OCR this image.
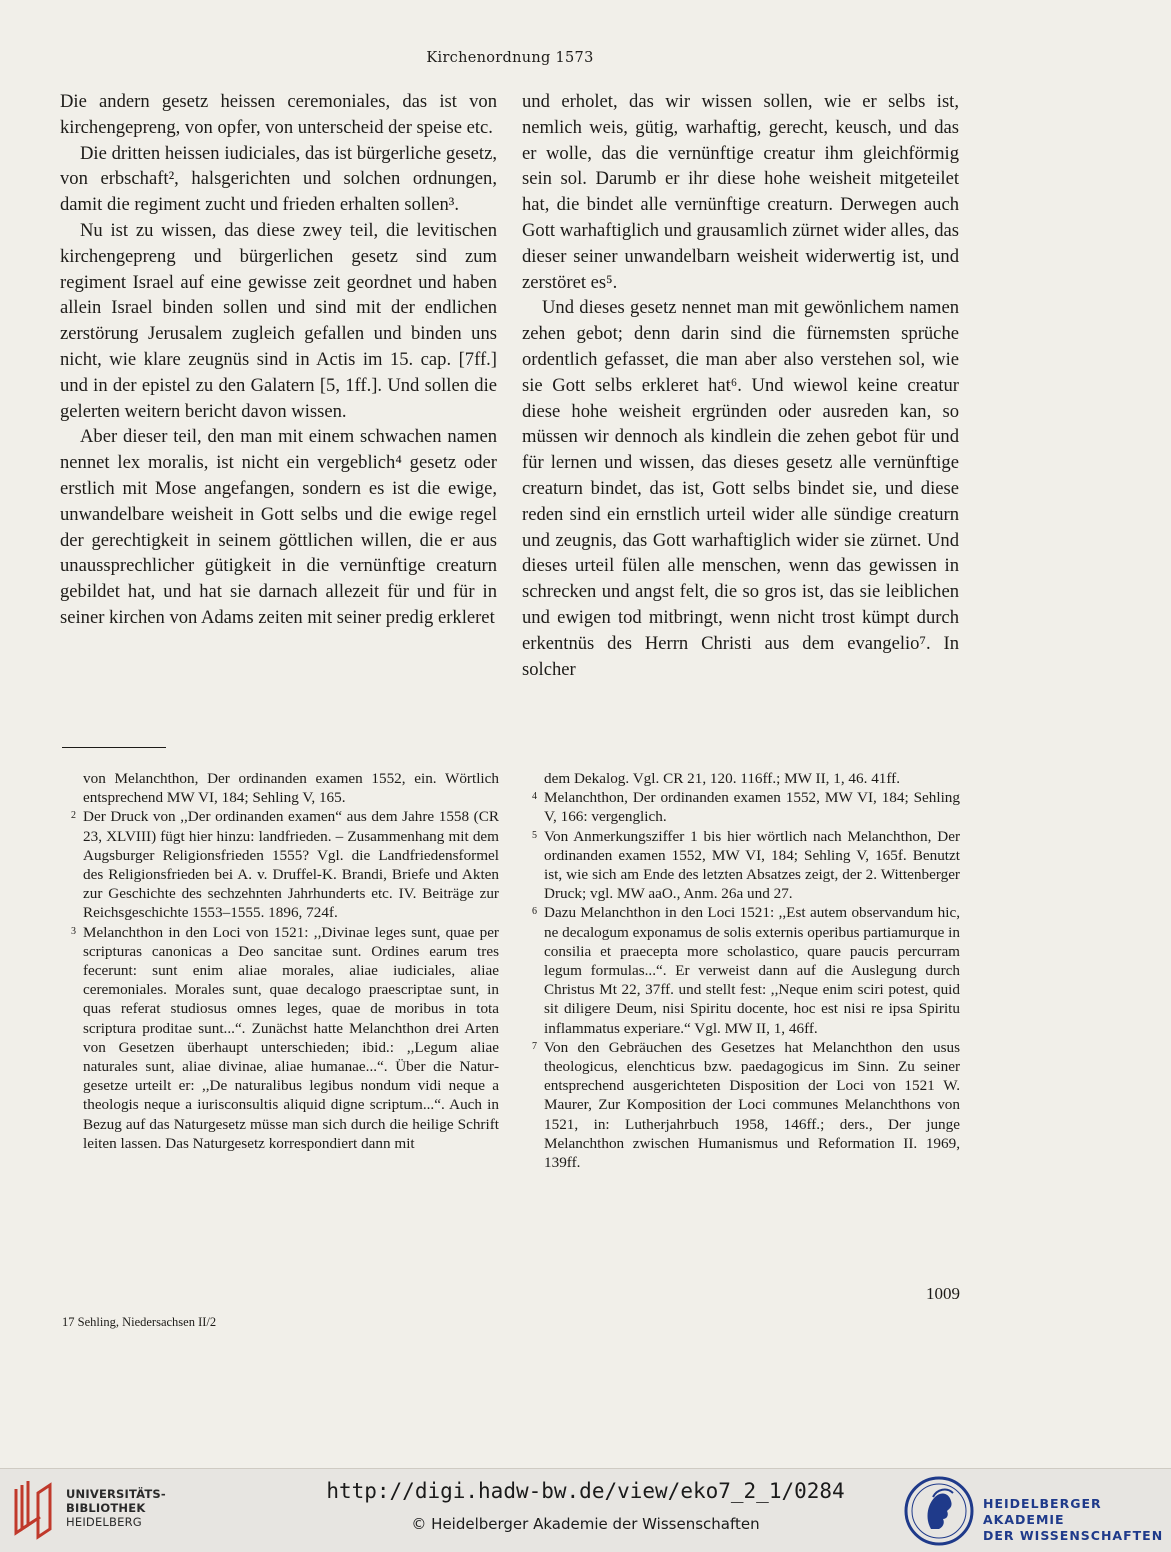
Kirchenordnung 1573

Die andern gesetz heissen ceremoniales, das ist von kirchengepreng, von opfer, von unterscheid der speise etc.

Die dritten heissen iudiciales, das ist bürgerliche gesetz, von erbschaft², halsgerichten und solchen ordnungen, damit die regiment zucht und frieden erhalten sollen³.

Nu ist zu wissen, das diese zwey teil, die levitischen kirchengepreng und bürgerlichen gesetz sind zum regiment Israel auf eine gewisse zeit geordnet und haben allein Israel binden sollen und sind mit der endlichen zerstörung Jerusalem zugleich gefallen und binden uns nicht, wie klare zeugnüs sind in Actis im 15. cap. [7ff.] und in der epistel zu den Galatern [5, 1ff.]. Und sollen die gelerten weitern bericht davon wissen.

Aber dieser teil, den man mit einem schwachen namen nennet lex moralis, ist nicht ein vergeblich⁴ gesetz oder erstlich mit Mose angefangen, sondern es ist die ewige, unwandelbare weisheit in Gott selbs und die ewige regel der gerechtigkeit in seinem göttlichen willen, die er aus unaussprechlicher gütigkeit in die vernünftige creaturn gebildet hat, und hat sie darnach allezeit für und für in seiner kirchen von Adams zeiten mit seiner predig erkleret

und erholet, das wir wissen sollen, wie er selbs ist, nemlich weis, gütig, warhaftig, gerecht, keusch, und das er wolle, das die vernünftige creatur ihm gleichförmig sein sol. Darumb er ihr diese hohe weisheit mitgeteilet hat, die bindet alle vernünftige creaturn. Derwegen auch Gott warhaftiglich und grausamlich zürnet wider alles, das dieser seiner unwandelbarn weisheit widerwertig ist, und zerstöret es⁵.

Und dieses gesetz nennet man mit gewönlichem namen zehen gebot; denn darin sind die fürnemsten sprüche ordentlich gefasset, die man aber also verstehen sol, wie sie Gott selbs erkleret hat⁶. Und wiewol keine creatur diese hohe weisheit ergründen oder ausreden kan, so müssen wir dennoch als kindlein die zehen gebot für und für lernen und wissen, das dieses gesetz alle vernünftige creaturn bindet, das ist, Gott selbs bindet sie, und diese reden sind ein ernstlich urteil wider alle sündige creaturn und zeugnis, das Gott warhaftiglich wider sie zürnet. Und dieses urteil fülen alle menschen, wenn das gewissen in schrecken und angst felt, die so gros ist, das sie leiblichen und ewigen tod mitbringt, wenn nicht trost kümpt durch erkentnüs des Herrn Christi aus dem evangelio⁷. In solcher

von Melanchthon, Der ordinanden examen 1552, ein. Wörtlich entsprechend MW VI, 184; Sehling V, 165.
2 Der Druck von ,,Der ordinanden examen“ aus dem Jahre 1558 (CR 23, XLVIII) fügt hier hinzu: landfrieden. – Zusammenhang mit dem Augsburger Religionsfrieden 1555? Vgl. die Landfriedensformel des Religionsfrieden bei A. v. Druffel-K. Brandi, Briefe und Akten zur Geschichte des sechzehnten Jahrhunderts etc. IV. Beiträge zur Reichsgeschichte 1553–1555. 1896, 724f.
3 Melanchthon in den Loci von 1521: ,,Divinae leges sunt, quae per scripturas canonicas a Deo sancitae sunt. Ordines earum tres fecerunt: sunt enim aliae morales, aliae iudiciales, aliae ceremoniales. Morales sunt, quae decalogo praescriptae sunt, in quas referat studiosus omnes leges, quae de moribus in tota scriptura proditae sunt...“. Zunächst hatte Melanchthon drei Arten von Gesetzen überhaupt unterschieden; ibid.: ,,Legum aliae naturales sunt, aliae divinae, aliae humanae...“. Über die Naturgesetze urteilt er: ,,De naturalibus legibus nondum vidi neque a theologis neque a iurisconsultis aliquid digne scriptum...“. Auch in Bezug auf das Naturgesetz müsse man sich durch die heilige Schrift leiten lassen. Das Naturgesetz korrespondiert dann mit
dem Dekalog. Vgl. CR 21, 120. 116ff.; MW II, 1, 46. 41ff.
4 Melanchthon, Der ordinanden examen 1552, MW VI, 184; Sehling V, 166: vergenglich.
5 Von Anmerkungsziffer 1 bis hier wörtlich nach Melanchthon, Der ordinanden examen 1552, MW VI, 184; Sehling V, 165f. Benutzt ist, wie sich am Ende des letzten Absatzes zeigt, der 2. Wittenberger Druck; vgl. MW aaO., Anm. 26a und 27.
6 Dazu Melanchthon in den Loci 1521: ,,Est autem observandum hic, ne decalogum exponamus de solis externis operibus partiamurque in consilia et praecepta more scholastico, quare paucis percurram legum formulas...“. Er verweist dann auf die Auslegung durch Christus Mt 22, 37ff. und stellt fest: ,,Neque enim sciri potest, quid sit diligere Deum, nisi Spiritu docente, hoc est nisi re ipsa Spiritu inflammatus experiare.“ Vgl. MW II, 1, 46ff.
7 Von den Gebräuchen des Gesetzes hat Melanchthon den usus theologicus, elenchticus bzw. paedagogicus im Sinn. Zu seiner entsprechend ausgerichteten Disposition der Loci von 1521 W. Maurer, Zur Komposition der Loci communes Melanchthons von 1521, in: Lutherjahrbuch 1958, 146ff.; ders., Der junge Melanchthon zwischen Humanismus und Reformation II. 1969, 139ff.
1009
17 Sehling, Niedersachsen II/2
UNIVERSITÄTS-
BIBLIOTHEK
HEIDELBERG
http://digi.hadw-bw.de/view/eko7_2_1/0284
© Heidelberger Akademie der Wissenschaften
HEIDELBERGER AKADEMIE
DER WISSENSCHAFTEN
